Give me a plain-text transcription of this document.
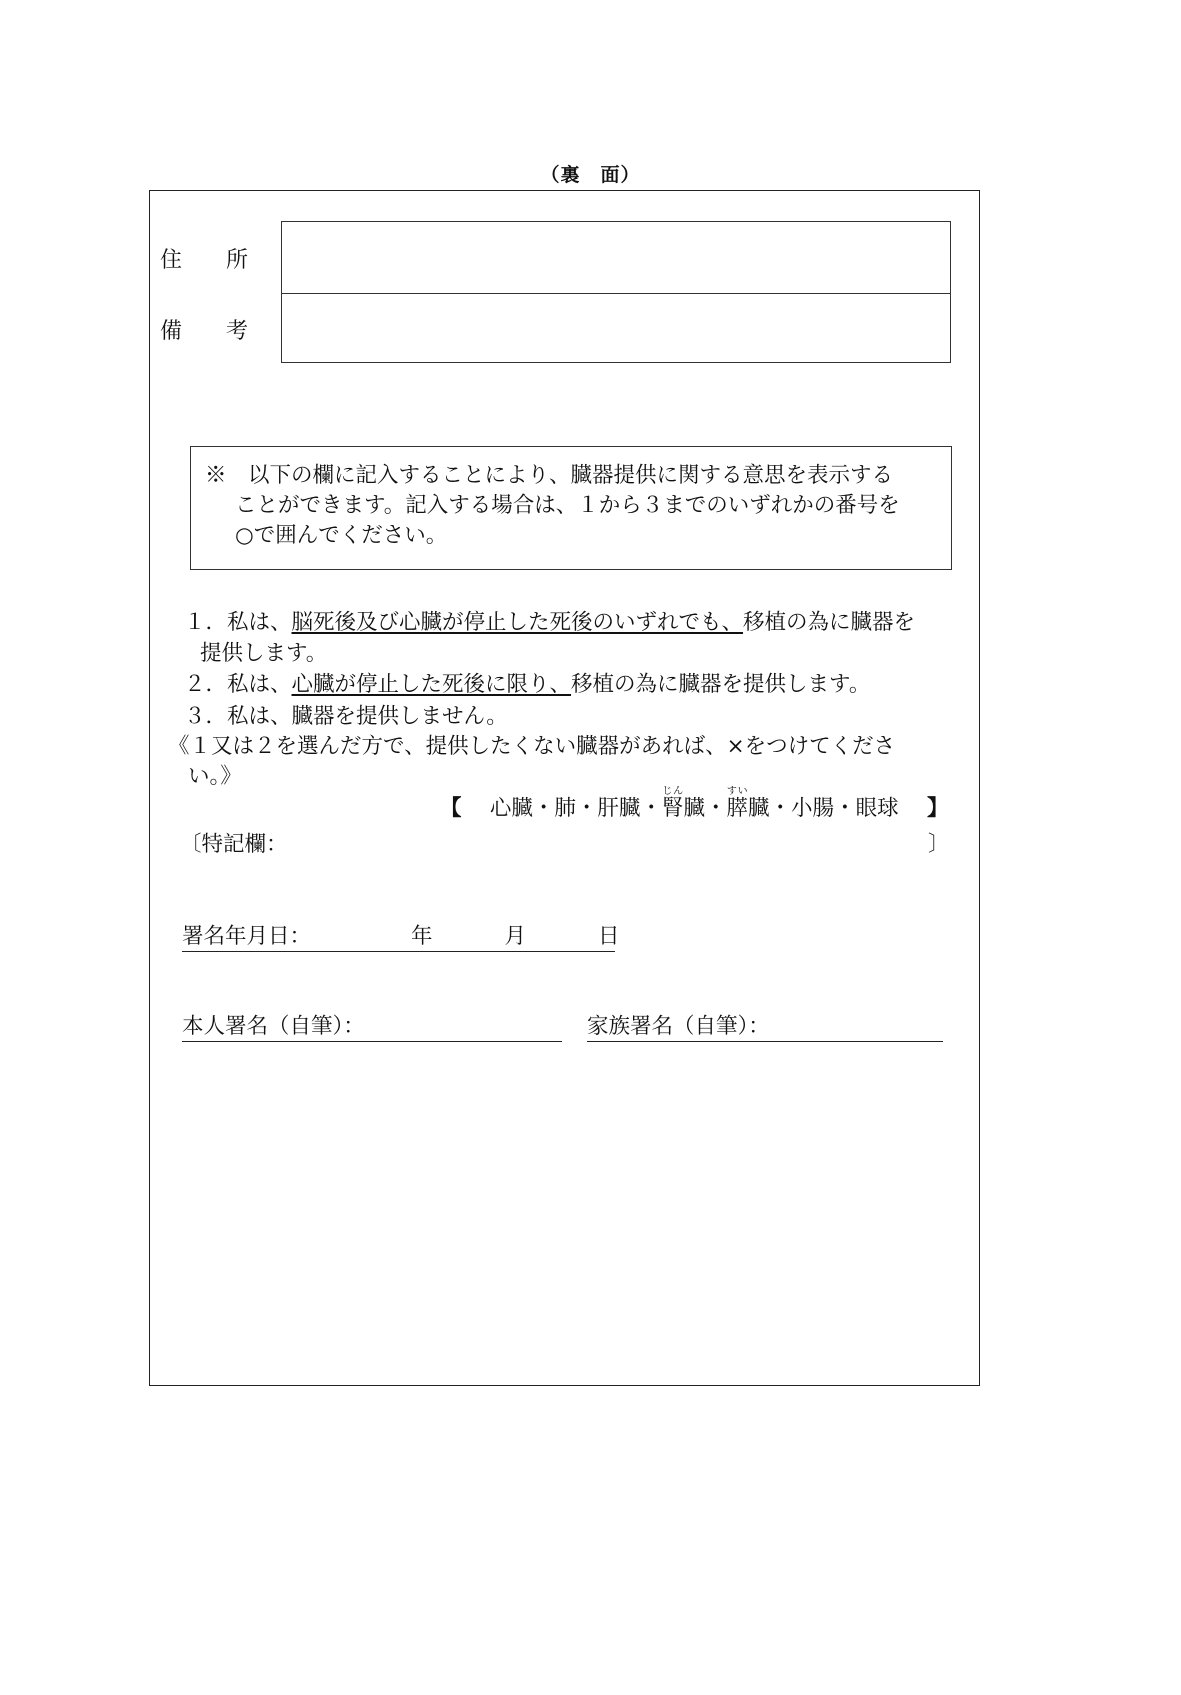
（裏　面）
住　　所
備　　考
※　 以下の欄に記入することにより、臓器提供に関する意思を表示する
ことができます。記入する場合は、１から３までのいずれかの番号を
○で囲んでください。
１．私は、脳死後及び心臓が停止した死後のいずれでも、移植の為に臓器を
提供します。
２．私は、心臓が停止した死後に限り、移植の為に臓器を提供します。
３．私は、臓器を提供しません。
《１又は２を選んだ方で、提供したくない臓器があれば、×をつけてくださ
い。》
【　 心臓・肺・肝臓・腎じん臓・膵すい臓・小腸・眼球　 】
〔特記欄：	〕
署名年月日：	年	月	日
本人署名（自筆）：	家族署名（自筆）：
